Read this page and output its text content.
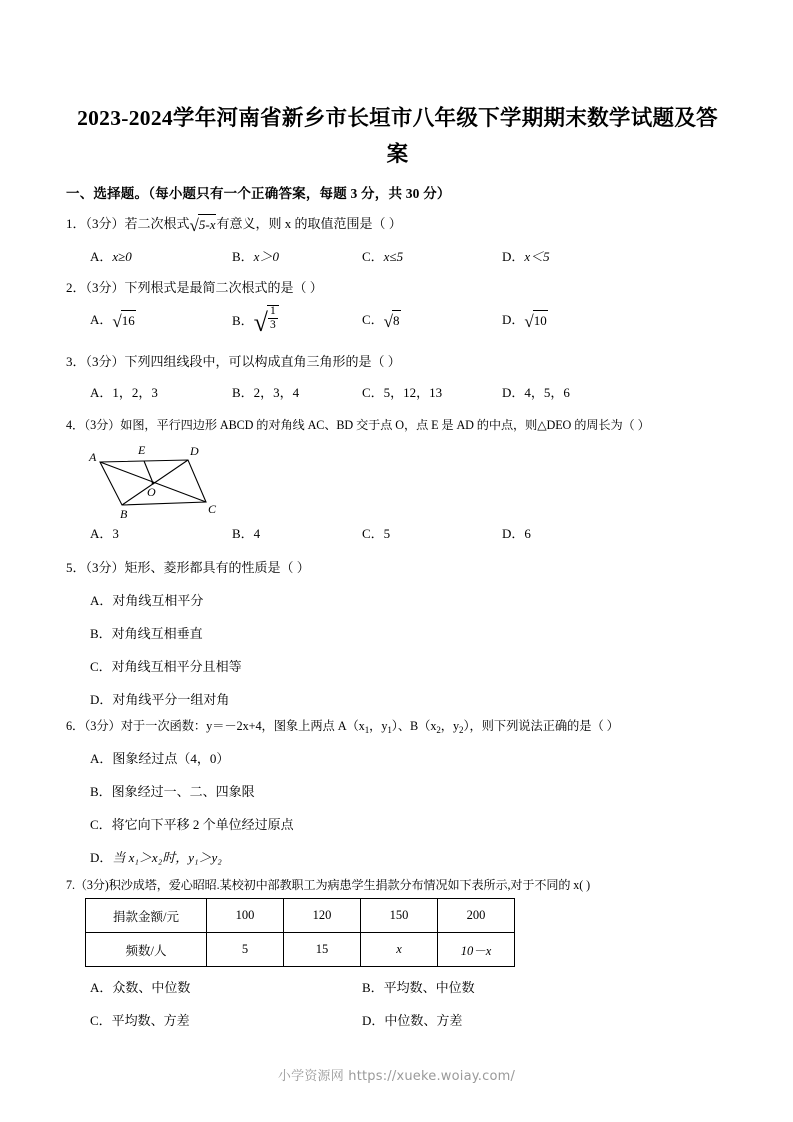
2023-2024学年河南省新乡市长垣市八年级下学期期末数学试题及答案
一、选择题。（每小题只有一个正确答案，每题 3 分，共 30 分）
1．（3分）若二次根式√5-x有意义，则 x 的取值范围是（ ）
A．x≥0	B．x＞0	C．x≤5	D．x＜5
2．（3分）下列根式是最简二次根式的是（ ）
A．√16	B．√ $\frac{1}{3}$	C．√8	D．√10
3．（3分）下列四组线段中，可以构成直角三角形的是（ ）
A．1，2，3	B．2，3，4	C．5，12，13	D．4，5，6
4．（3分）如图，平行四边形 ABCD 的对角线 AC、BD 交于点 O，点 E 是 AD 的中点，则△DEO 的周长为（ ）
A	E	D
O
B	C
A．3	B．4	C．5	D．6
5．（3分）矩形、菱形都具有的性质是（ ）
A．对角线互相平分
B．对角线互相垂直
C．对角线互相平分且相等
D．对角线平分一组对角
6．（3分）对于一次函数：y＝－2x+4，图象上两点 $A(x_1$，$y_1$）、$B(x_2$，$y_2$），则下列说法正确的是（ ）
A．图象经过点（4，0）
B．图象经过一、二、四象限
C．将它向下平移 2 个单位经过原点
D．当 x₁＞x₂时，y₁＞y₂
7.（3分)积沙成塔，爱心昭昭.某校初中部教职工为病患学生捐款分布情况如下表所示,对于不同的 x( )
捐款金额/元	100	120	150	200
频数/人	5	15	x	10－x
A．众数、中位数	B．平均数、中位数
C．平均数、方差	D．中位数、方差
小学资源网 https://xueke.woiay.com/
